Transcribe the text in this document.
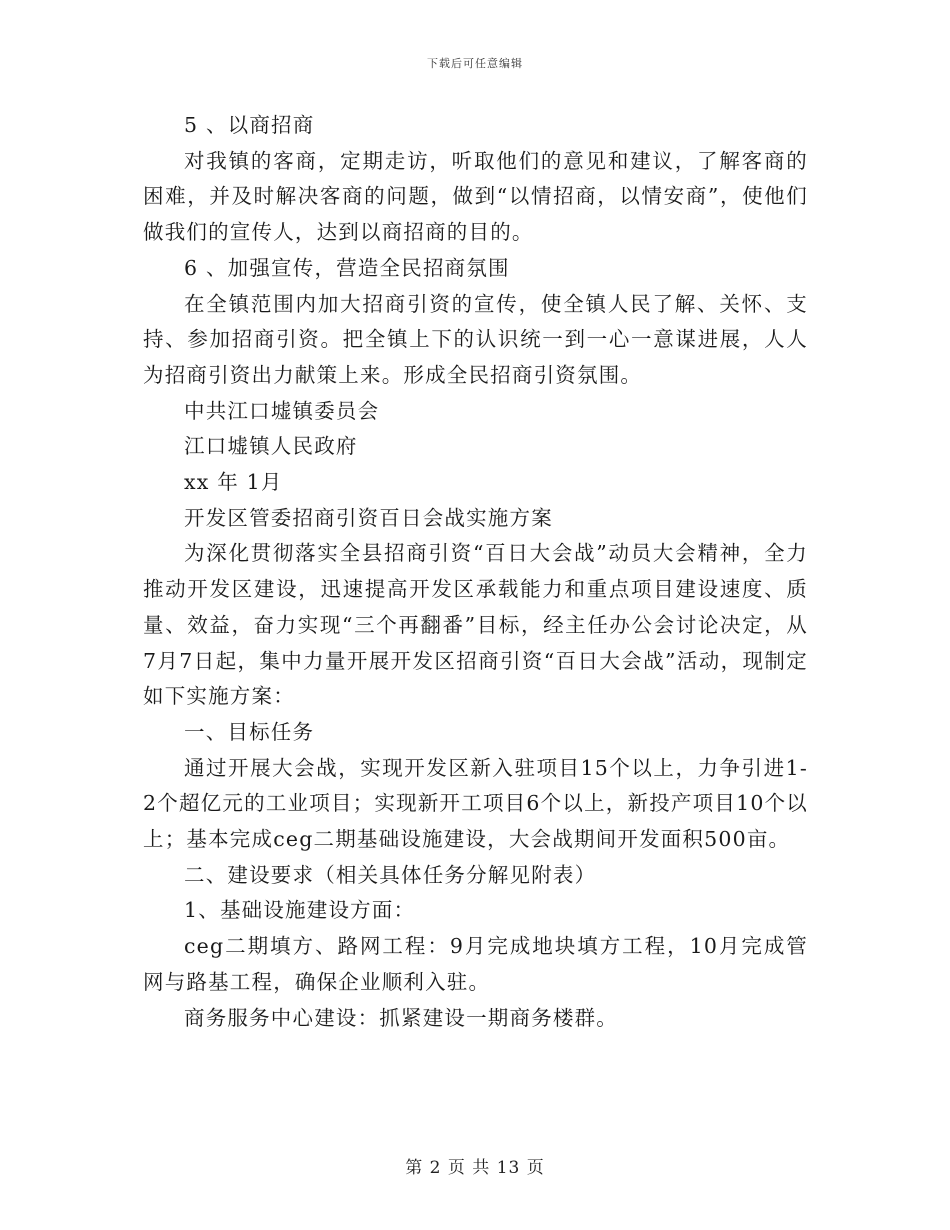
下载后可任意编辑

5 、以商招商

对我镇的客商，定期走访，听取他们的意见和建议，了解客商的困难，并及时解决客商的问题，做到“以情招商，以情安商”，使他们做我们的宣传人，达到以商招商的目的。

6 、加强宣传，营造全民招商氛围

在全镇范围内加大招商引资的宣传，使全镇人民了解、关怀、支持、参加招商引资。把全镇上下的认识统一到一心一意谋进展，人人为招商引资出力献策上来。形成全民招商引资氛围。

中共江口墟镇委员会

江口墟镇人民政府

xx 年 1月

开发区管委招商引资百日会战实施方案

为深化贯彻落实全县招商引资“百日大会战”动员大会精神，全力推动开发区建设，迅速提高开发区承载能力和重点项目建设速度、质量、效益，奋力实现“三个再翻番”目标，经主任办公会讨论决定，从7月7日起，集中力量开展开发区招商引资“百日大会战”活动，现制定如下实施方案：

一、目标任务

通过开展大会战，实现开发区新入驻项目15个以上，力争引进1-2个超亿元的工业项目；实现新开工项目6个以上，新投产项目10个以上；基本完成ceg二期基础设施建设，大会战期间开发面积500亩。

二、建设要求（相关具体任务分解见附表）

1、基础设施建设方面：

ceg二期填方、路网工程：9月完成地块填方工程，10月完成管网与路基工程，确保企业顺利入驻。

商务服务中心建设：抓紧建设一期商务楼群。

第 2 页 共 13 页
